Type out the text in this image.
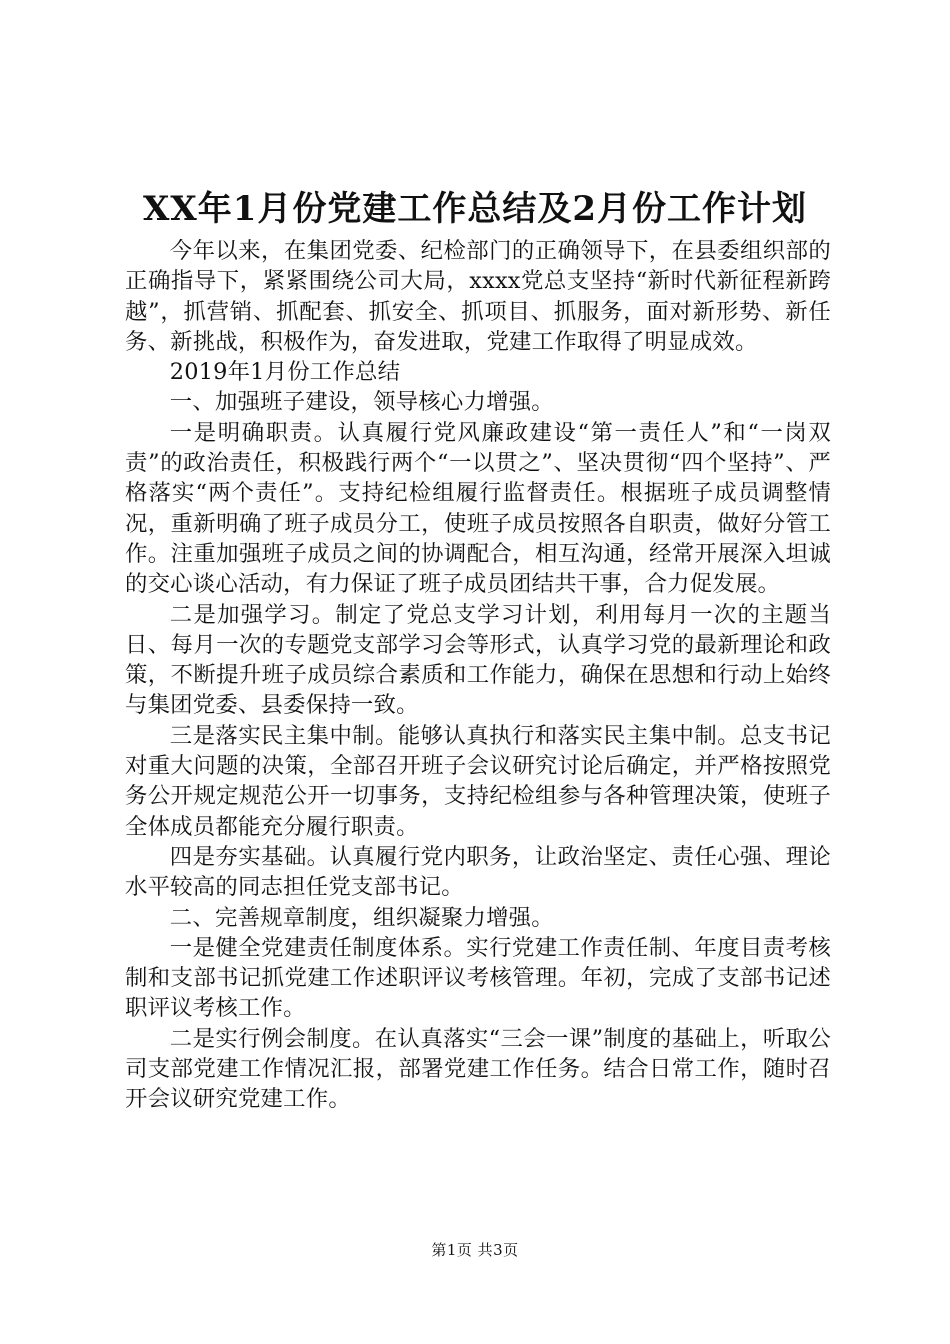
XX年1月份党建工作总结及2月份工作计划

今年以来，在集团党委、纪检部门的正确领导下，在县委组织部的正确指导下，紧紧围绕公司大局，xxxx党总支坚持“新时代新征程新跨越”，抓营销、抓配套、抓安全、抓项目、抓服务，面对新形势、新任务、新挑战，积极作为，奋发进取，党建工作取得了明显成效。

2019年1月份工作总结

一、加强班子建设，领导核心力增强。

一是明确职责。认真履行党风廉政建设“第一责任人”和“一岗双责”的政治责任，积极践行两个“一以贯之”、坚决贯彻“四个坚持”、严格落实“两个责任”。支持纪检组履行监督责任。根据班子成员调整情况，重新明确了班子成员分工，使班子成员按照各自职责，做好分管工作。注重加强班子成员之间的协调配合，相互沟通，经常开展深入坦诚的交心谈心活动，有力保证了班子成员团结共干事，合力促发展。

二是加强学习。制定了党总支学习计划，利用每月一次的主题当日、每月一次的专题党支部学习会等形式，认真学习党的最新理论和政策，不断提升班子成员综合素质和工作能力，确保在思想和行动上始终与集团党委、县委保持一致。

三是落实民主集中制。能够认真执行和落实民主集中制。总支书记对重大问题的决策，全部召开班子会议研究讨论后确定，并严格按照党务公开规定规范公开一切事务，支持纪检组参与各种管理决策，使班子全体成员都能充分履行职责。

四是夯实基础。认真履行党内职务，让政治坚定、责任心强、理论水平较高的同志担任党支部书记。

二、完善规章制度，组织凝聚力增强。

一是健全党建责任制度体系。实行党建工作责任制、年度目责考核制和支部书记抓党建工作述职评议考核管理。年初，完成了支部书记述职评议考核工作。

二是实行例会制度。在认真落实“三会一课”制度的基础上，听取公司支部党建工作情况汇报，部署党建工作任务。结合日常工作，随时召开会议研究党建工作。

第1页 共3页
